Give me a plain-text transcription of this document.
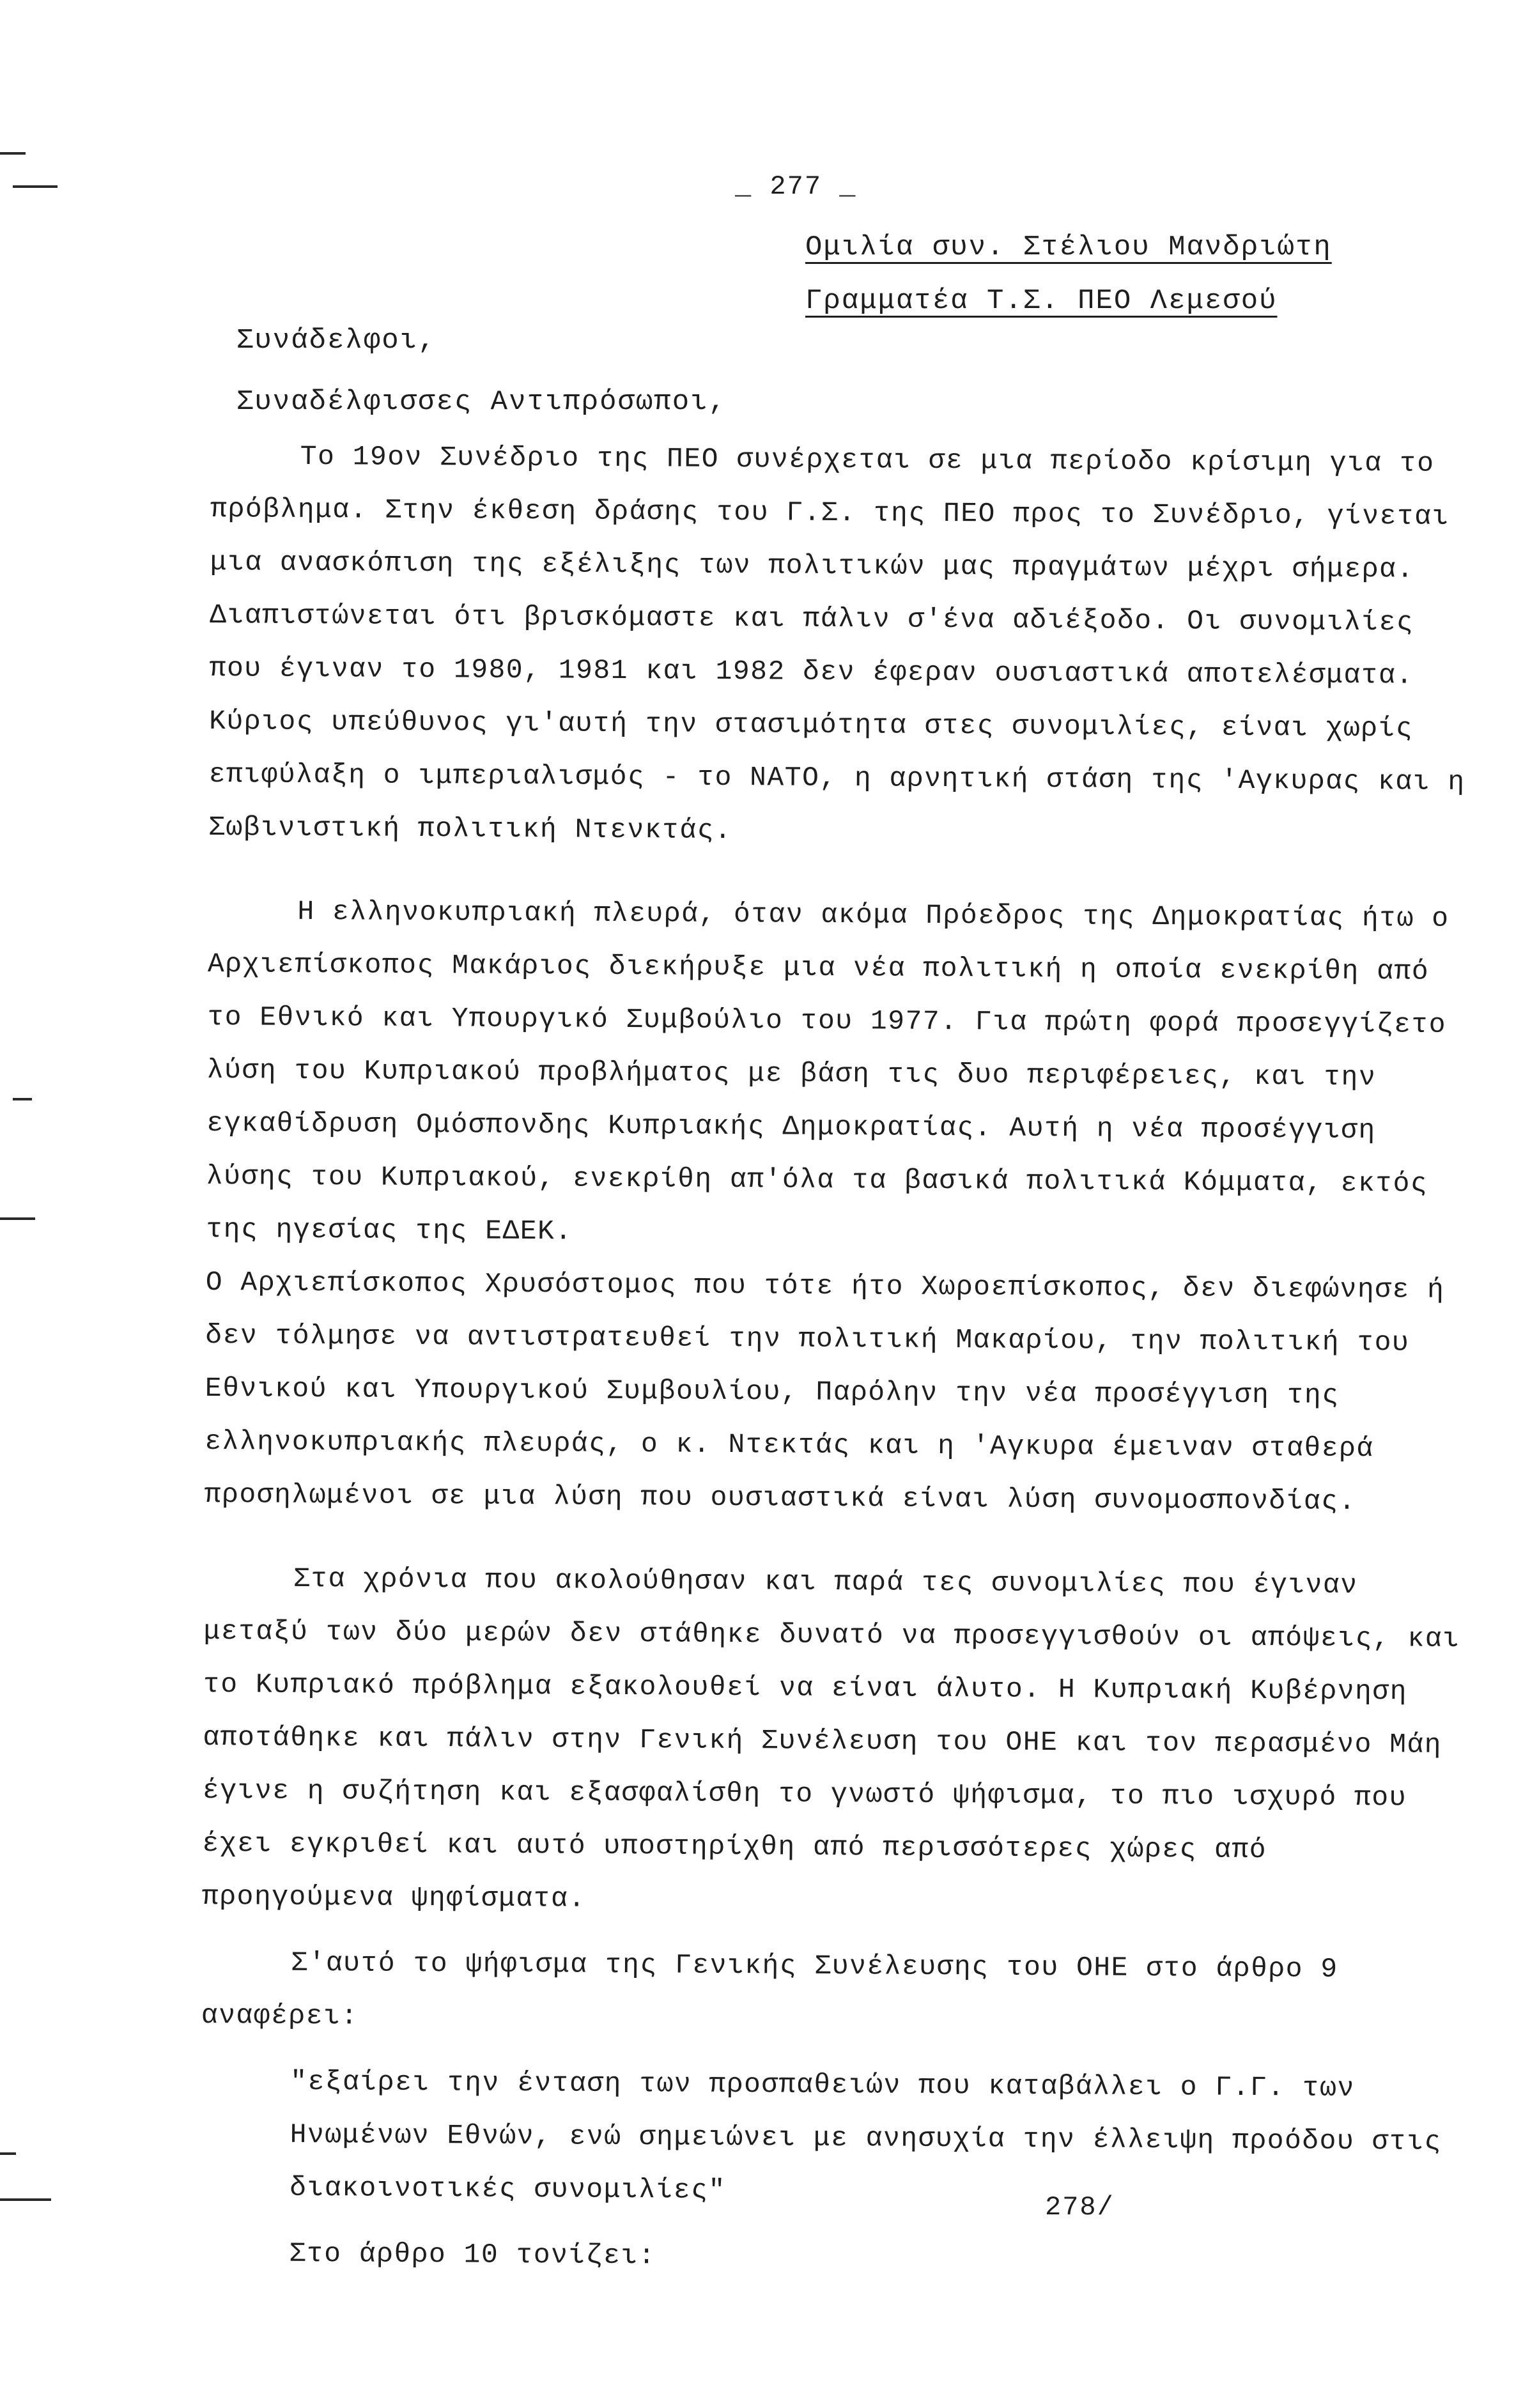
_ 277 _
Ομιλία συν. Στέλιου Μανδριώτη
Γραμματέα Τ.Σ. ΠΕΟ Λεμεσού
Συνάδελφοι,
Συναδέλφισσες Αντιπρόσωποι,

Το 19ον Συνέδριο της ΠΕΟ συνέρχεται σε μια περίοδο κρίσιμη για το πρόβλημα. Στην έκθεση δράσης του Γ.Σ. της ΠΕΟ προς το Συνέδριο, γίνεται μια ανασκόπιση της εξέλιξης των πολιτικών μας πραγμάτων μέχρι σήμερα. Διαπιστώνεται ότι βρισκόμαστε και πάλιν σ'ένα αδιέξοδο. Οι συνομιλίες που έγιναν το 1980, 1981 και 1982 δεν έφεραν ουσιαστικά αποτελέσματα. Κύριος υπεύθυνος γι'αυτή την στασιμότητα στες συνομιλίες, είναι χωρίς επιφύλαξη ο ιμπεριαλισμός - το ΝΑΤΟ, η αρνητική στάση της 'Αγκυρας και η Σωβινιστική πολιτική Ντενκτάς.

Η ελληνοκυπριακή πλευρά, όταν ακόμα Πρόεδρος της Δημοκρατίας ήτω ο Αρχιεπίσκοπος Μακάριος διεκήρυξε μια νέα πολιτική η οποία ενεκρίθη από το Εθνικό και Υπουργικό Συμβούλιο του 1977. Για πρώτη φορά προσεγγίζετο λύση του Κυπριακού προβλήματος με βάση τις δυο περιφέρειες, και την εγκαθίδρυση Ομόσπονδης Κυπριακής Δημοκρατίας. Αυτή η νέα προσέγγιση λύσης του Κυπριακού, ενεκρίθη απ'όλα τα βασικά πολιτικά Κόμματα, εκτός της ηγεσίας της ΕΔΕΚ.

Ο Αρχιεπίσκοπος Χρυσόστομος που τότε ήτο Χωροεπίσκοπος, δεν διεφώνησε ή δεν τόλμησε να αντιστρατευθεί την πολιτική Μακαρίου, την πολιτική του Εθνικού και Υπουργικού Συμβουλίου, Παρόλην την νέα προσέγγιση της ελληνοκυπριακής πλευράς, ο κ. Ντεκτάς και η 'Αγκυρα έμειναν σταθερά προσηλωμένοι σε μια λύση που ουσιαστικά είναι λύση συνομοσπονδίας.

Στα χρόνια που ακολούθησαν και παρά τες συνομιλίες που έγιναν μεταξύ των δύο μερών δεν στάθηκε δυνατό να προσεγγισθούν οι απόψεις, και το Κυπριακό πρόβλημα εξακολουθεί να είναι άλυτο. Η Κυπριακή Κυβέρνηση αποτάθηκε και πάλιν στην Γενική Συνέλευση του ΟΗΕ και τον περασμένο Μάη έγινε η συζήτηση και εξασφαλίσθη το γνωστό ψήφισμα, το πιο ισχυρό που έχει εγκριθεί και αυτό υποστηρίχθη από περισσότερες χώρες από προηγούμενα ψηφίσματα.

Σ'αυτό το ψήφισμα της Γενικής Συνέλευσης του ΟΗΕ στο άρθρο 9 αναφέρει:

"εξαίρει την ένταση των προσπαθειών που καταβάλλει ο Γ.Γ. των Ηνωμένων Εθνών, ενώ σημειώνει με ανησυχία την έλλειψη προόδου στις διακοινοτικές συνομιλίες"

Στο άρθρο 10 τονίζει:

278/
